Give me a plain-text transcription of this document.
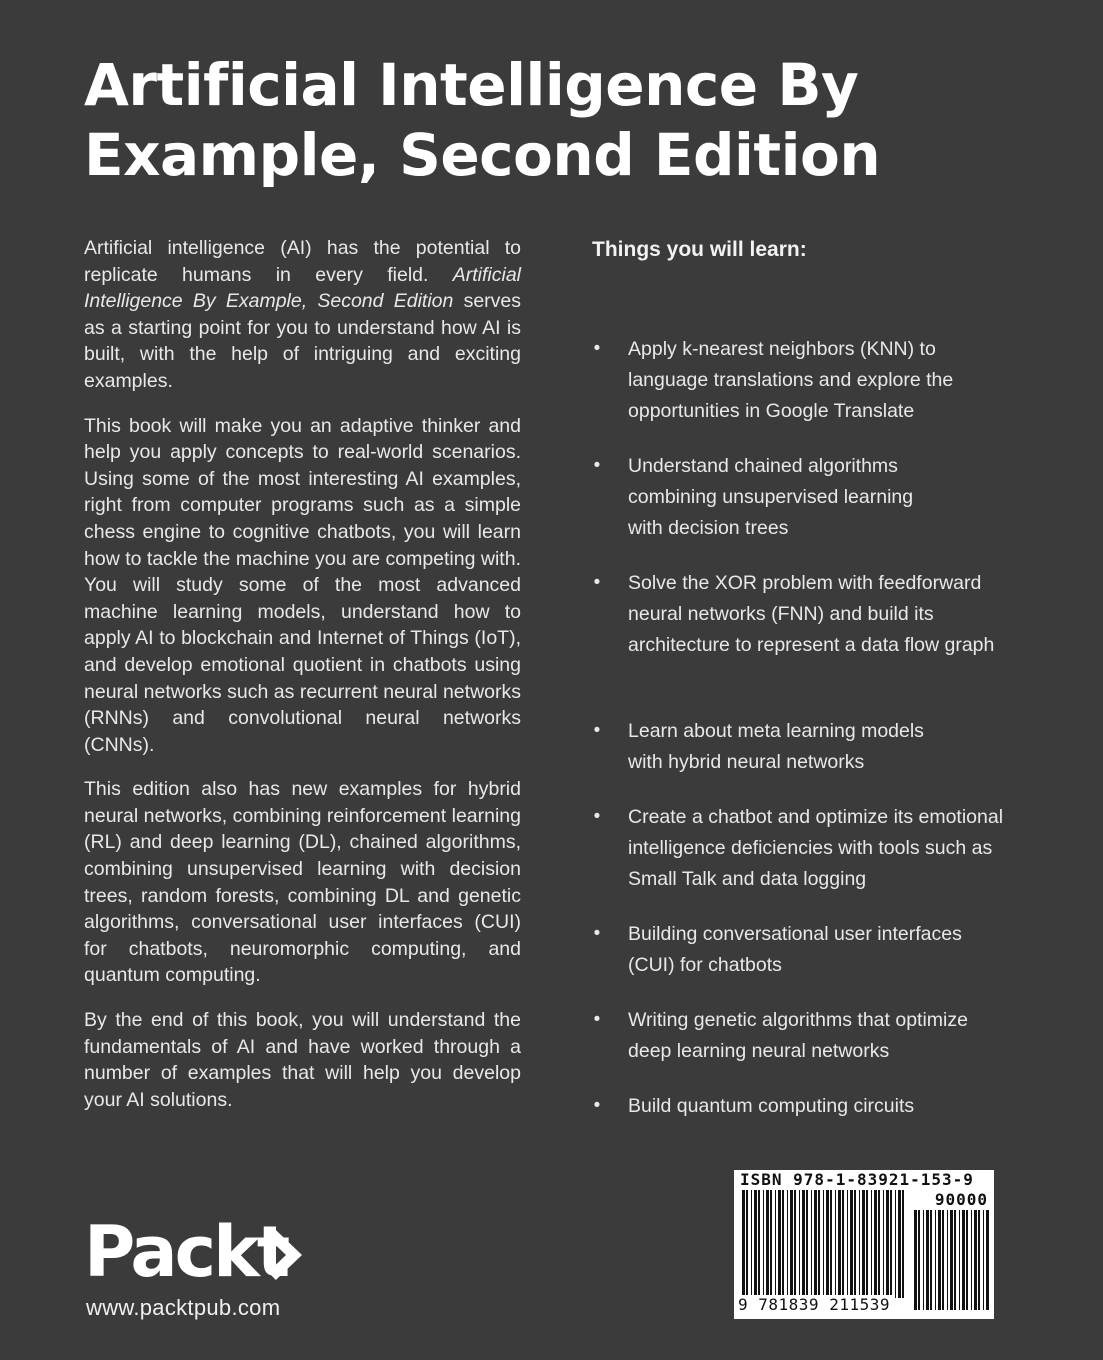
Artificial Intelligence By
Example, Second Edition

Artificial intelligence (AI) has the potential to replicate humans in every field. Artificial Intelligence By Example, Second Edition serves as a starting point for you to understand how AI is built, with the help of intriguing and exciting examples.

This book will make you an adaptive thinker and help you apply concepts to real-world scenarios. Using some of the most interesting AI examples, right from computer programs such as a simple chess engine to cognitive chatbots, you will learn how to tackle the machine you are competing with. You will study some of the most advanced machine learning models, understand how to apply AI to blockchain and Internet of Things (IoT), and develop emotional quotient in chatbots using neural networks such as recurrent neural networks (RNNs) and convolutional neural networks (CNNs).

This edition also has new examples for hybrid neural networks, combining reinforcement learning (RL) and deep learning (DL), chained algorithms, combining unsupervised learning with decision trees, random forests, combining DL and genetic algorithms, conversational user interfaces (CUI) for chatbots, neuromorphic computing, and quantum computing.

By the end of this book, you will understand the fundamentals of AI and have worked through a number of examples that will help you develop your AI solutions.

Things you will learn:
• Apply k-nearest neighbors (KNN) to language translations and explore the opportunities in Google Translate
• Understand chained algorithms combining unsupervised learning with decision trees
• Solve the XOR problem with feedforward neural networks (FNN) and build its architecture to represent a data flow graph
• Learn about meta learning models with hybrid neural networks
• Create a chatbot and optimize its emotional intelligence deficiencies with tools such as Small Talk and data logging
• Building conversational user interfaces (CUI) for chatbots
• Writing genetic algorithms that optimize deep learning neural networks
• Build quantum computing circuits
Packt
www.packtpub.com
ISBN 978-1-83921-153-9
90000
9 781839 211539
